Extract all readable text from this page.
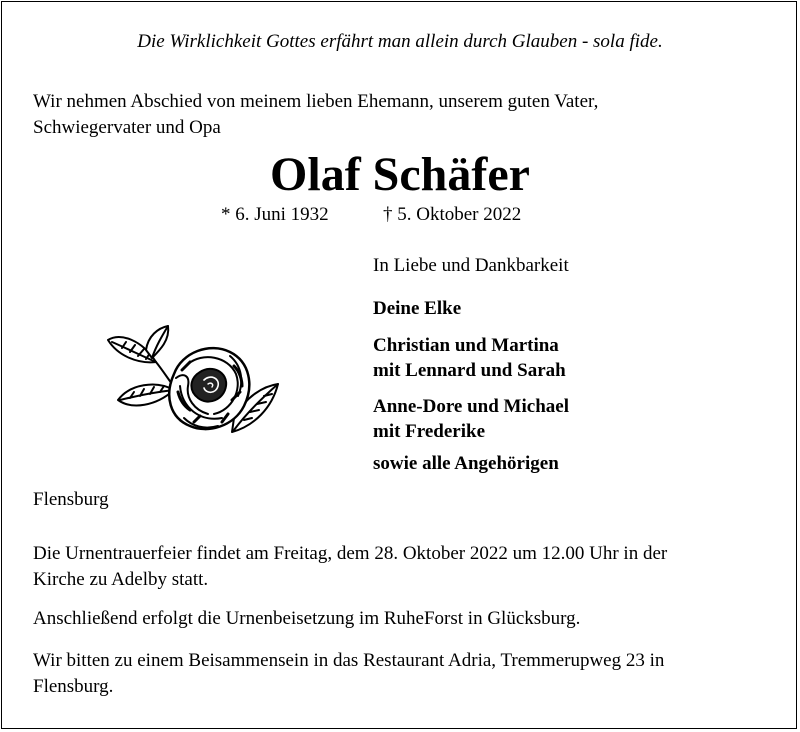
Die Wirklichkeit Gottes erfährt man allein durch Glauben - sola fide.
Wir nehmen Abschied von meinem lieben Ehemann, unserem guten Vater,
Schwiegervater und Opa
Olaf Schäfer
* 6. Juni 1932	† 5. Oktober 2022
In Liebe und Dankbarkeit
Deine Elke
Christian und Martina
mit Lennard und Sarah
Anne-Dore und Michael
mit Frederike
sowie alle Angehörigen
Flensburg
Die Urnentrauerfeier findet am Freitag, dem 28. Oktober 2022 um 12.00 Uhr in der
Kirche zu Adelby statt.
Anschließend erfolgt die Urnenbeisetzung im RuheForst in Glücksburg.
Wir bitten zu einem Beisammensein in das Restaurant Adria, Tremmerupweg 23 in
Flensburg.
